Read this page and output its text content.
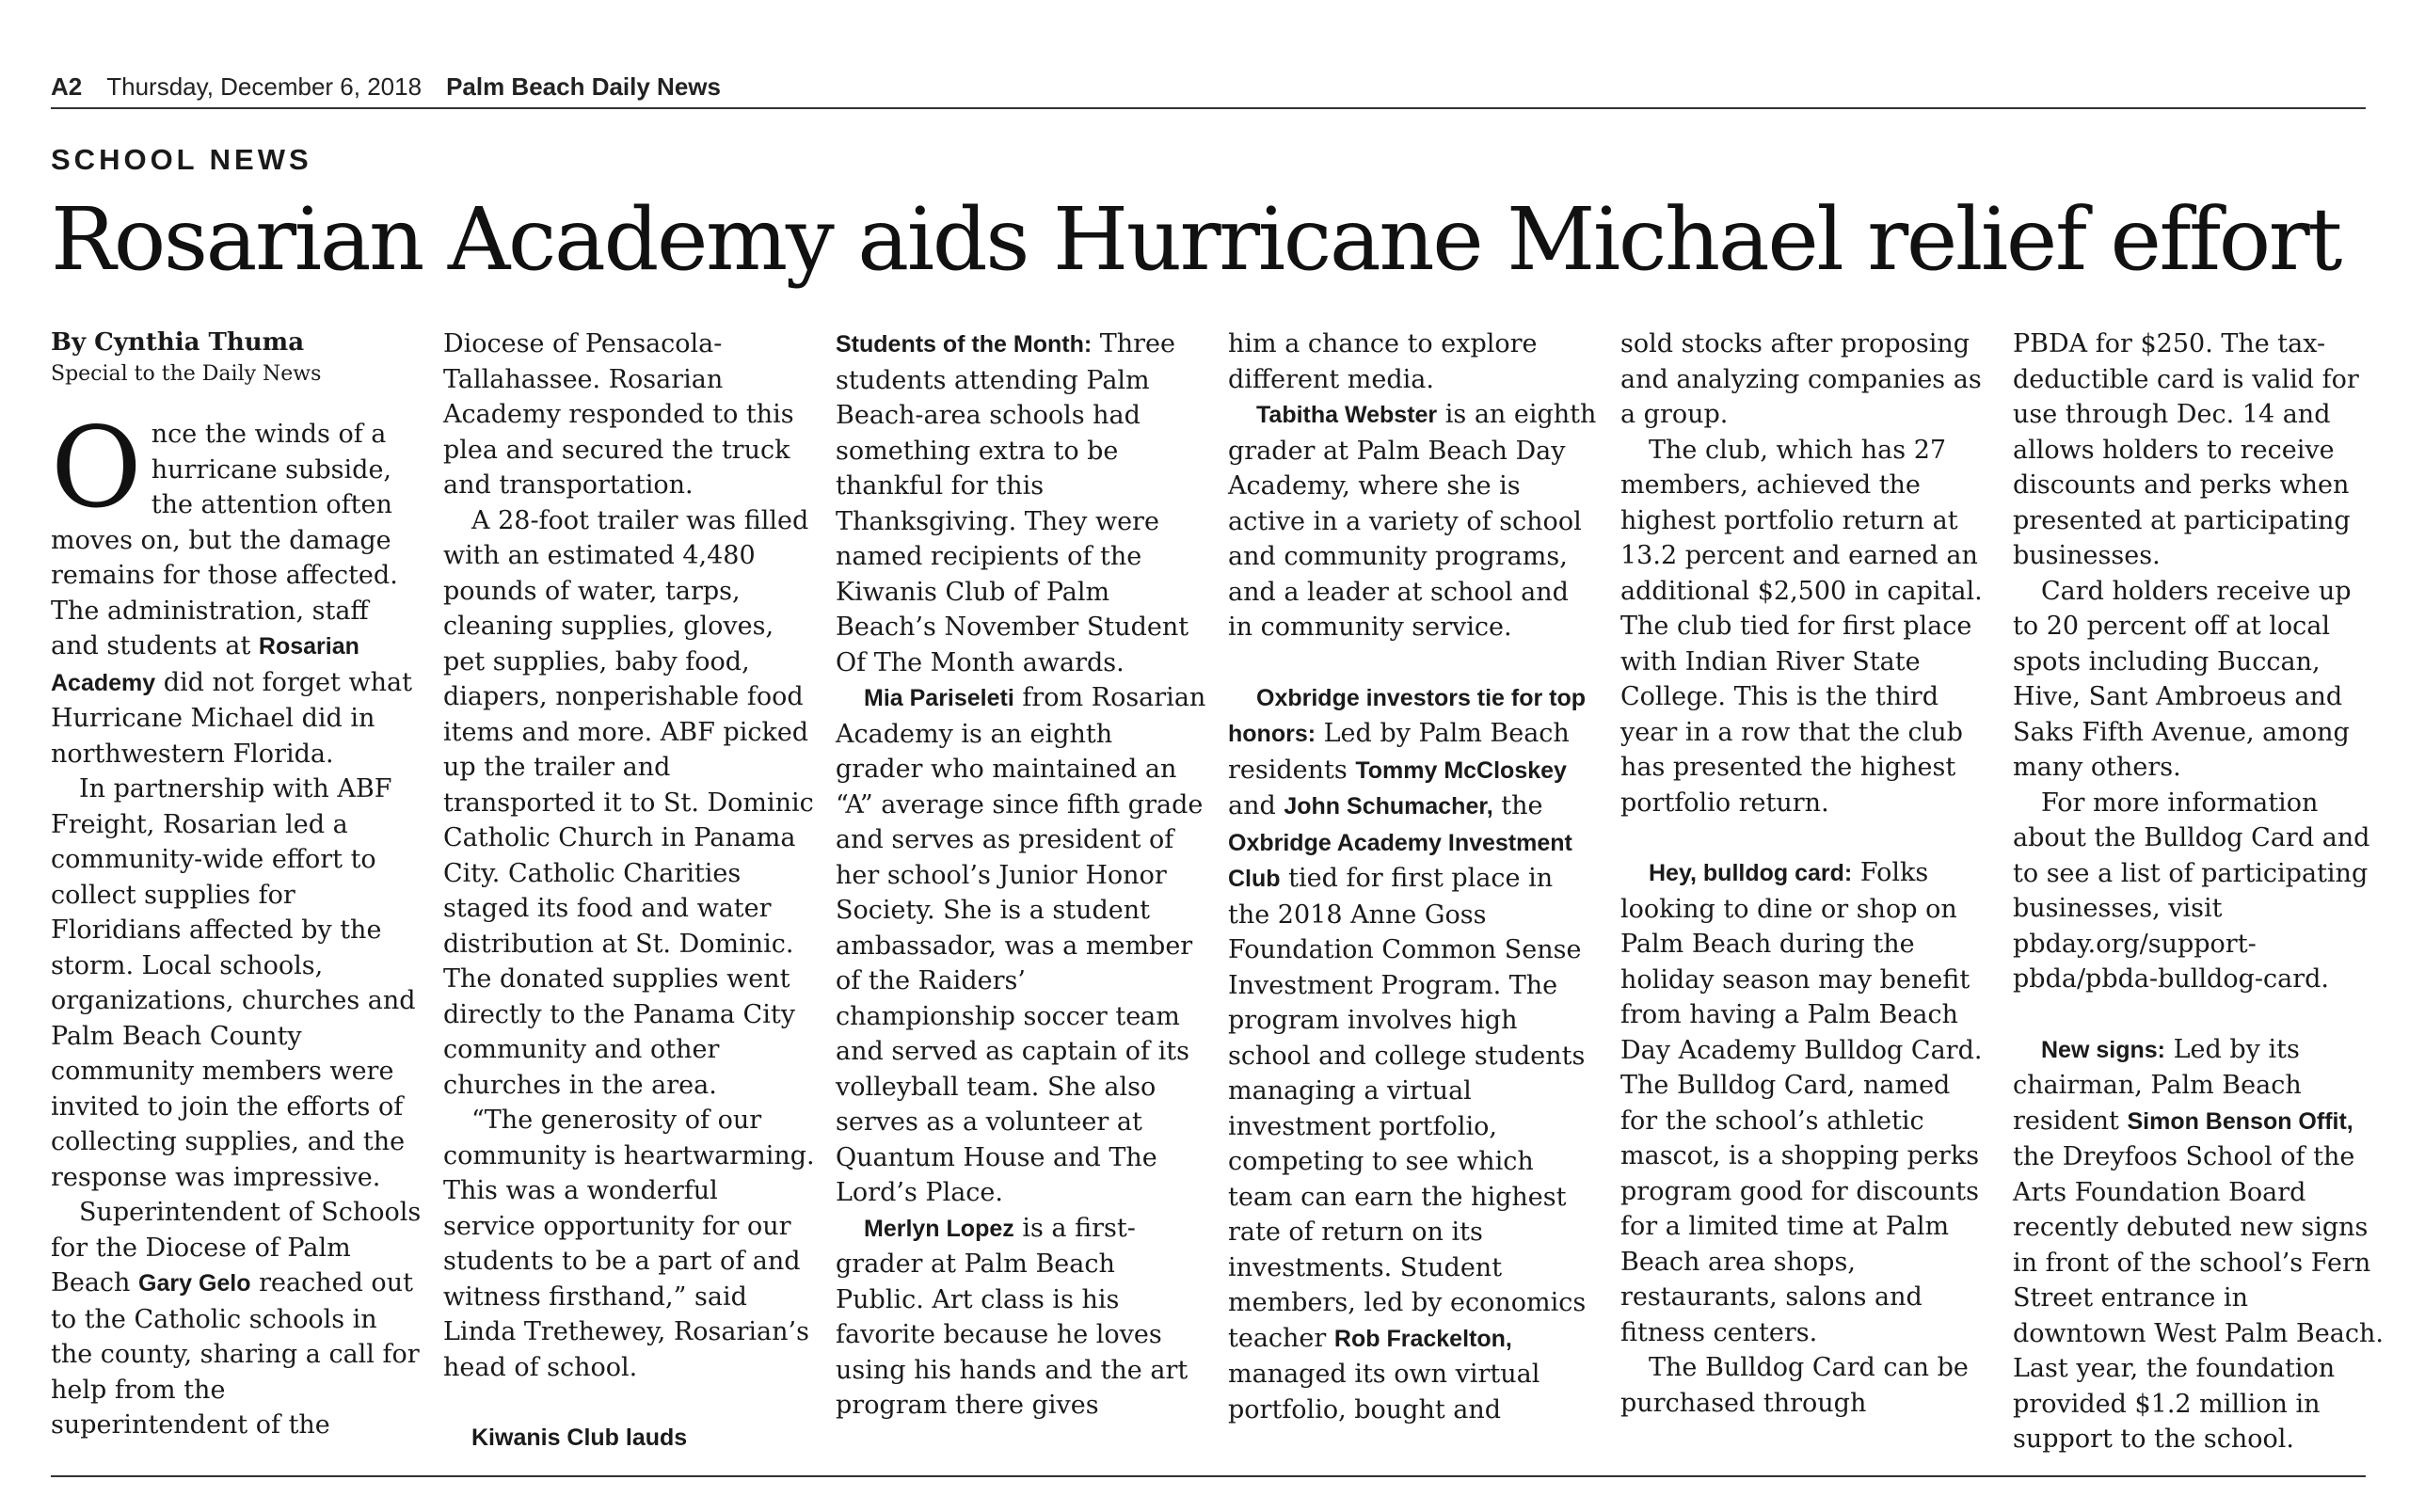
A2 Thursday, December 6, 2018 Palm Beach Daily News
SCHOOL NEWS
Rosarian Academy aids Hurricane Michael relief effort
By Cynthia Thuma
Special to the Daily News

Once the winds of a hurricane subside, the attention often moves on, but the damage remains for those affected. The administration, staff and students at Rosarian Academy did not forget what Hurricane Michael did in northwestern Florida.

In partnership with ABF Freight, Rosarian led a community-wide effort to collect supplies for Floridians affected by the storm. Local schools, organizations, churches and Palm Beach County community members were invited to join the efforts of collecting supplies, and the response was impressive.

Superintendent of Schools for the Diocese of Palm Beach Gary Gelo reached out to the Catholic schools in the county, sharing a call for help from the superintendent of the

Diocese of Pensacola-Tallahassee. Rosarian Academy responded to this plea and secured the truck and transportation.

A 28-foot trailer was filled with an estimated 4,480 pounds of water, tarps, cleaning supplies, gloves, pet supplies, baby food, diapers, nonperishable food items and more. ABF picked up the trailer and transported it to St. Dominic Catholic Church in Panama City. Catholic Charities staged its food and water distribution at St. Dominic. The donated supplies went directly to the Panama City community and other churches in the area.

“The generosity of our community is heartwarming. This was a wonderful service opportunity for our students to be a part of and witness firsthand,” said Linda Trethewey, Rosarian’s head of school.

Kiwanis Club lauds

Students of the Month: Three students attending Palm Beach-area schools had something extra to be thankful for this Thanksgiving. They were named recipients of the Kiwanis Club of Palm Beach’s November Student Of The Month awards.

Mia Pariseleti from Rosarian Academy is an eighth grader who maintained an “A” average since fifth grade and serves as president of her school’s Junior Honor Society. She is a student ambassador, was a member of the Raiders’ championship soccer team and served as captain of its volleyball team. She also serves as a volunteer at Quantum House and The Lord’s Place.

Merlyn Lopez is a first-grader at Palm Beach Public. Art class is his favorite because he loves using his hands and the art program there gives

him a chance to explore different media.

Tabitha Webster is an eighth grader at Palm Beach Day Academy, where she is active in a variety of school and community programs, and a leader at school and in community service.

Oxbridge investors tie for top honors: Led by Palm Beach residents Tommy McCloskey and John Schumacher, the Oxbridge Academy Investment Club tied for first place in the 2018 Anne Goss Foundation Common Sense Investment Program. The program involves high school and college students managing a virtual investment portfolio, competing to see which team can earn the highest rate of return on its investments. Student members, led by economics teacher Rob Frackelton, managed its own virtual portfolio, bought and

sold stocks after proposing and analyzing companies as a group.

The club, which has 27 members, achieved the highest portfolio return at 13.2 percent and earned an additional $2,500 in capital. The club tied for first place with Indian River State College. This is the third year in a row that the club has presented the highest portfolio return.

Hey, bulldog card: Folks looking to dine or shop on Palm Beach during the holiday season may benefit from having a Palm Beach Day Academy Bulldog Card. The Bulldog Card, named for the school’s athletic mascot, is a shopping perks program good for discounts for a limited time at Palm Beach area shops, restaurants, salons and fitness centers.

The Bulldog Card can be purchased through

PBDA for $250. The tax-deductible card is valid for use through Dec. 14 and allows holders to receive discounts and perks when presented at participating businesses.

Card holders receive up to 20 percent off at local spots including Buccan, Hive, Sant Ambroeus and Saks Fifth Avenue, among many others.

For more information about the Bulldog Card and to see a list of participating businesses, visit pbday.org/support-pbda/pbda-bulldog-card.

New signs: Led by its chairman, Palm Beach resident Simon Benson Offit, the Dreyfoos School of the Arts Foundation Board recently debuted new signs in front of the school’s Fern Street entrance in downtown West Palm Beach. Last year, the foundation provided $1.2 million in support to the school.
